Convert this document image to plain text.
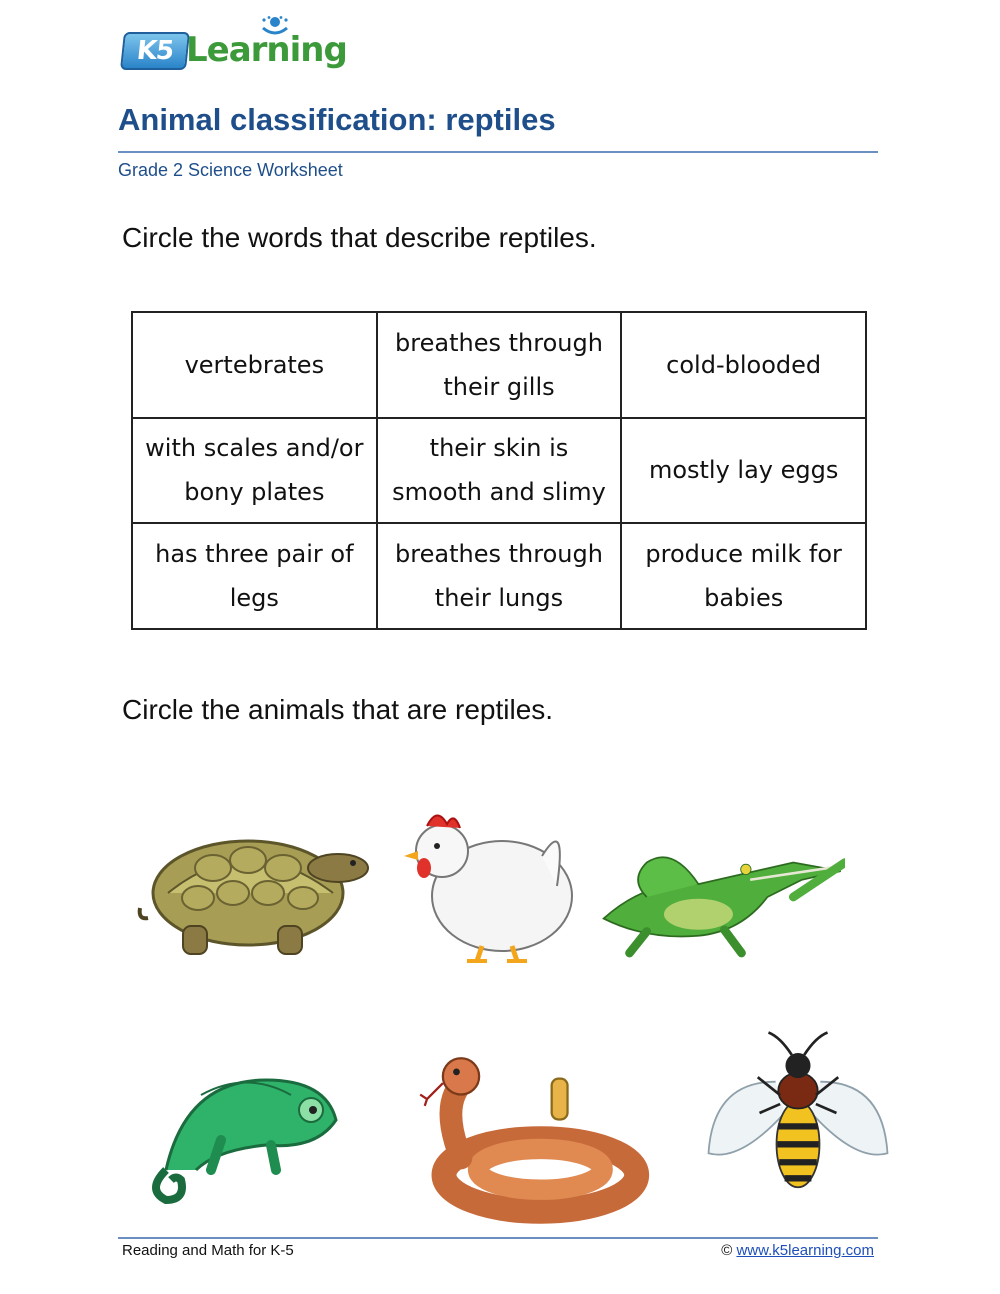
K5 Learning
Animal classification: reptiles
Grade 2 Science Worksheet
Circle the words that describe reptiles.
vertebrates	breathes through their gills	cold-blooded
with scales and/or bony plates	their skin is smooth and slimy	mostly lay eggs
has three pair of legs	breathes through their lungs	produce milk for babies
Circle the animals that are reptiles.
Reading and Math for K-5	© www.k5learning.com
